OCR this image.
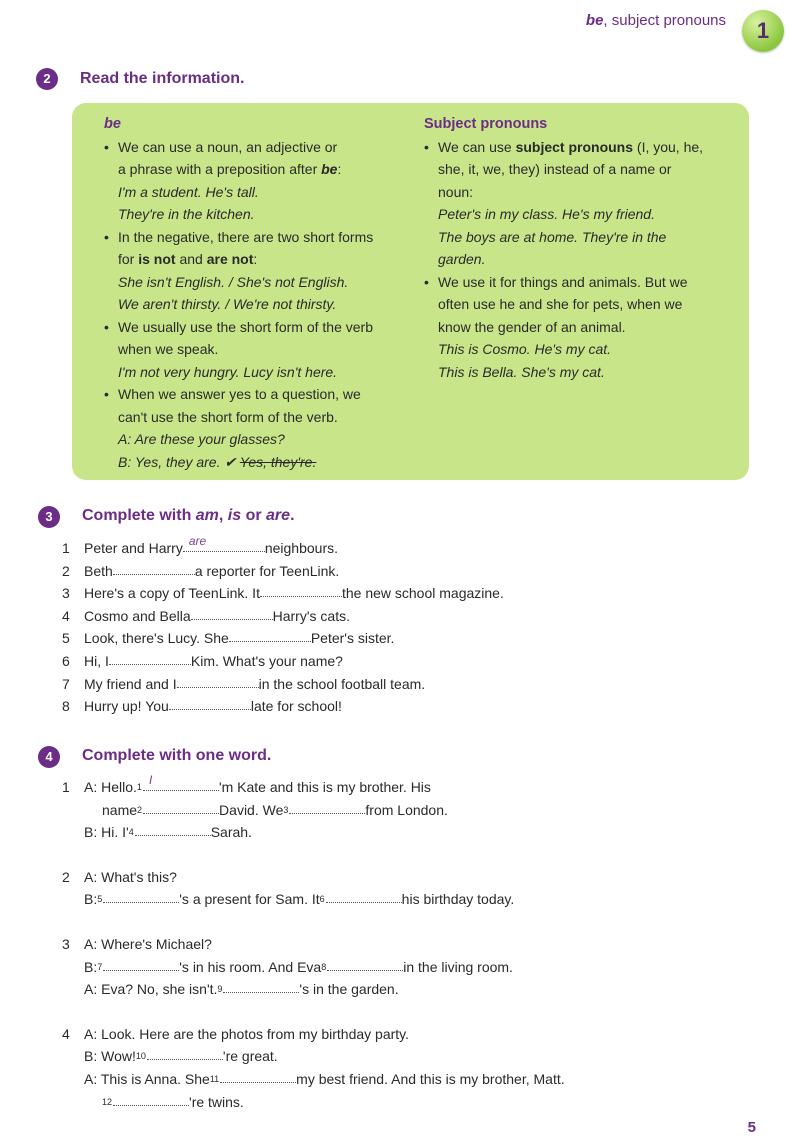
be, subject pronouns	1
2	Read the information.
be
• We can use a noun, an adjective or
a phrase with a preposition after be:
I'm a student. He's tall.
They're in the kitchen.
• In the negative, there are two short forms
for is not and are not:
She isn't English. / She's not English.
We aren't thirsty. / We're not thirsty.
• We usually use the short form of the verb
when we speak.
I'm not very hungry. Lucy isn't here.
• When we answer yes to a question, we
can't use the short form of the verb.
A: Are these your glasses?
B: Yes, they are. ✔ Yes, they're.
Subject pronouns
• We can use subject pronouns (I, you, he,
she, it, we, they) instead of a name or
noun:
Peter's in my class. He's my friend.
The boys are at home. They're in the
garden.
• We use it for things and animals. But we
often use he and she for pets, when we
know the gender of an animal.
This is Cosmo. He's my cat.
This is Bella. She's my cat.
3	Complete with am, is or are.
1	Peter and Harry are	neighbours.
2	Beth	a reporter for TeenLink.
3	Here's a copy of TeenLink. It	the new school magazine.
4	Cosmo and Bella	Harry's cats.
5	Look, there's Lucy. She	Peter's sister.
6	Hi, I	Kim. What's your name?
7	My friend and I	in the school football team.
8	Hurry up! You	late for school!
4	Complete with one word.
1	A: Hello. 1 I	'm Kate and this is my brother. His
name 2	David. We 3	from London.
B: Hi. I' 4	Sarah.
2	A: What's this?
B: 5	's a present for Sam. It 6	his birthday today.
3	A: Where's Michael?
B: 7	's in his room. And Eva 8	in the living room.
A: Eva? No, she isn't. 9	's in the garden.
4	A: Look. Here are the photos from my birthday party.
B: Wow! 10	're great.
A: This is Anna. She 11	my best friend. And this is my brother, Matt.
12	're twins.
5
